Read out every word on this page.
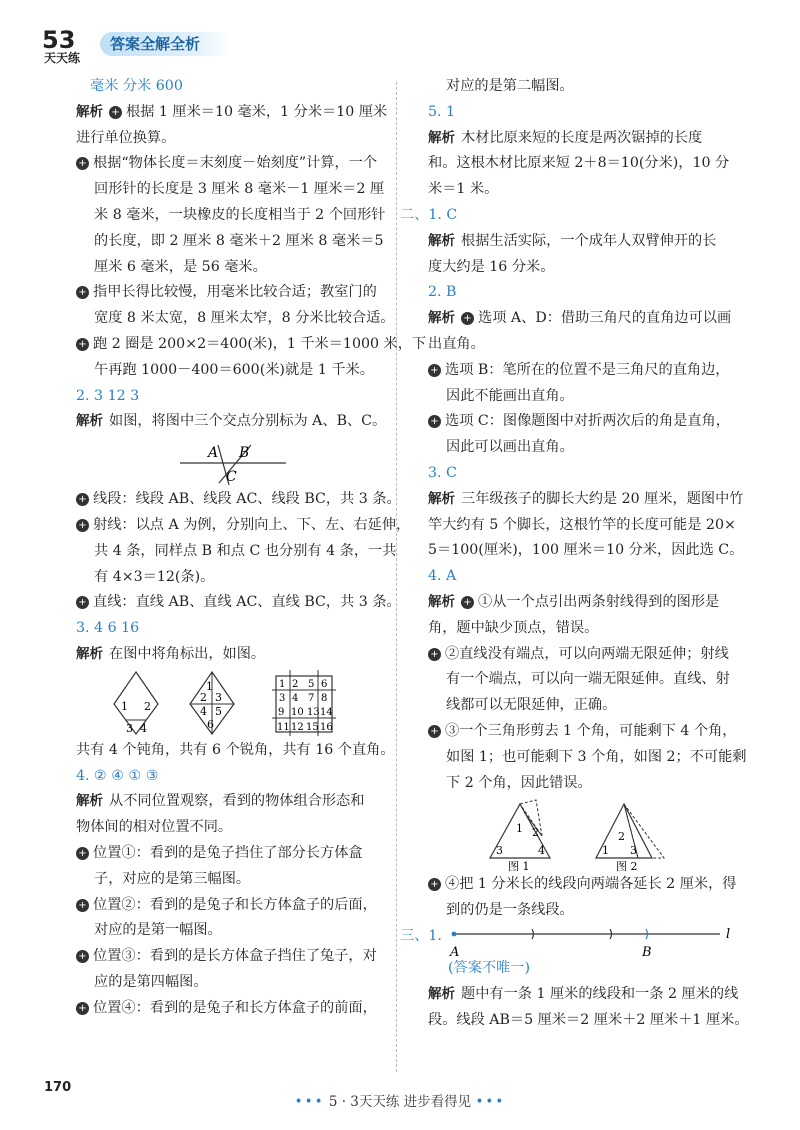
53
天天练
答案全解全析
毫米 分米 600
解析 + 根据 1 厘米＝10 毫米，1 分米＝10 厘米
进行单位换算。
+ 根据“物体长度＝末刻度－始刻度”计算，一个
回形针的长度是 3 厘米 8 毫米－1 厘米＝2 厘
米 8 毫米，一块橡皮的长度相当于 2 个回形针
的长度，即 2 厘米 8 毫米＋2 厘米 8 毫米＝5
厘米 6 毫米，是 56 毫米。
+ 指甲长得比较慢，用毫米比较合适；教室门的
宽度 8 米太宽，8 厘米太窄，8 分米比较合适。
+ 跑 2 圈是 200×2＝400(米)，1 千米＝1000 米，下
午再跑 1000－400＝600(米)就是 1 千米。
2. 3 12 3
解析 如图，将图中三个交点分别标为 A、B、C。
A B
C
+ 线段：线段 AB、线段 AC、线段 BC，共 3 条。
+ 射线：以点 A 为例，分别向上、下、左、右延伸，
共 4 条，同样点 B 和点 C 也分别有 4 条，一共
有 4×3＝12(条)。
+ 直线：直线 AB、直线 AC、直线 BC，共 3 条。
3. 4 6 16
解析 在图中将角标出，如图。
1 2
3 4
1
2 3
4 5
6
1 2 5 6
3 4 7 8
9 10 13 14
11 12 15 16
共有 4 个钝角，共有 6 个锐角，共有 16 个直角。
4. ② ④ ① ③
解析 从不同位置观察，看到的物体组合形态和
物体间的相对位置不同。
+ 位置①：看到的是兔子挡住了部分长方体盒
子，对应的是第三幅图。
+ 位置②：看到的是兔子和长方体盒子的后面，
对应的是第一幅图。
+ 位置③：看到的是长方体盒子挡住了兔子，对
应的是第四幅图。
+ 位置④：看到的是兔子和长方体盒子的前面，
对应的是第二幅图。
5. 1
解析 木材比原来短的长度是两次锯掉的长度
和。这根木材比原来短 2＋8＝10(分米)，10 分
米＝1 米。
二、1. C
解析 根据生活实际，一个成年人双臂伸开的长
度大约是 16 分米。
2. B
解析 + 选项 A、D：借助三角尺的直角边可以画
出直角。
+ 选项 B：笔所在的位置不是三角尺的直角边，
因此不能画出直角。
+ 选项 C：图像题图中对折两次后的角是直角，
因此可以画出直角。
3. C
解析 三年级孩子的脚长大约是 20 厘米，题图中竹
竿大约有 5 个脚长，这根竹竿的长度可能是 20×
5＝100(厘米)，100 厘米＝10 分米，因此选 C。
4. A
解析 + ①从一个点引出两条射线得到的图形是
角，题中缺少顶点，错误。
+ ②直线没有端点，可以向两端无限延伸；射线
有一个端点，可以向一端无限延伸。直线、射
线都可以无限延伸，正确。
+ ③一个三角形剪去 1 个角，可能剩下 4 个角，
如图 1；也可能剩下 3 个角，如图 2；不可能剩
下 2 个角，因此错误。
1 2
3	4
图 1
1
2
3
图 2
+ ④把 1 分米长的线段向两端各延长 2 厘米，得
到的仍是一条线段。
三、1.
A	B
l
(答案不唯一)
解析 题中有一条 1 厘米的线段和一条 2 厘米的线
段。线段 AB＝5 厘米＝2 厘米＋2 厘米＋1 厘米。
170
••• 5 · 3天天练 进步看得见 •••
